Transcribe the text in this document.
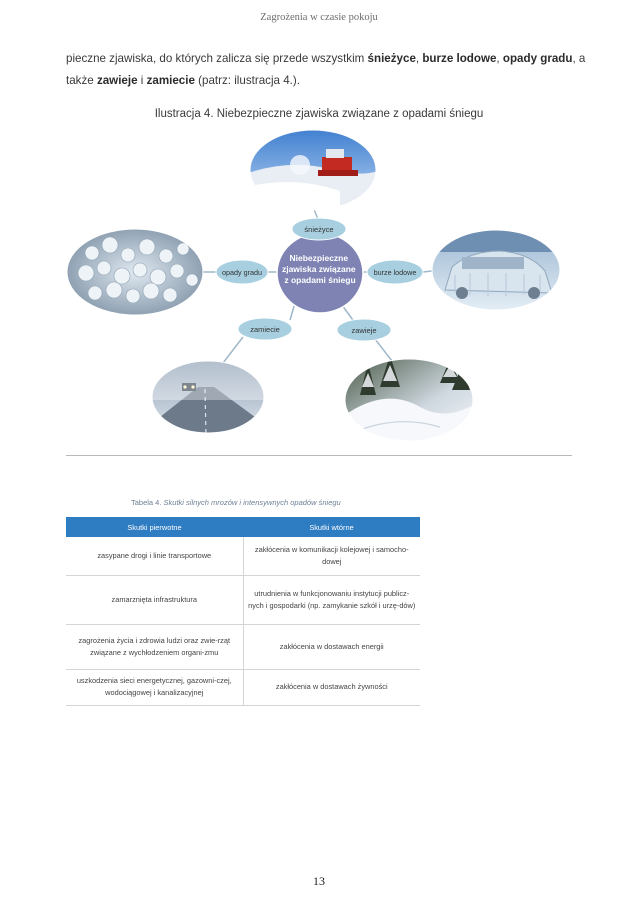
Zagrożenia w czasie pokoju

pieczne zjawiska, do których zalicza się przede wszystkim śnieżyce, burze lodowe, opady gradu, a także zawieje i zamiecie (patrz: ilustracja 4.).

Ilustracja 4. Niebezpieczne zjawiska związane z opadami śniegu
Niebezpieczne zjawiska związane z opadami śniegu
śnieżyce
opady gradu	burze lodowe
zamiecie	zawieje
Tabela 4. Skutki silnych mrozów i intensywnych opadów śniegu
Skutki pierwotne	Skutki wtórne
zasypane drogi i linie transportowe	zakłócenia w komunikacji kolejowej i samocho-dowej
zamarznięta infrastruktura	utrudnienia w funkcjonowaniu instytucji publicz-nych i gospodarki (np. zamykanie szkół i urzę-dów)
zagrożenia życia i zdrowia ludzi oraz zwie-rząt związane z wychłodzeniem organi-zmu	zakłócenia w dostawach energii
uszkodzenia sieci energetycznej, gazowni-czej, wodociągowej i kanalizacyjnej	zakłócenia w dostawach żywności
13
